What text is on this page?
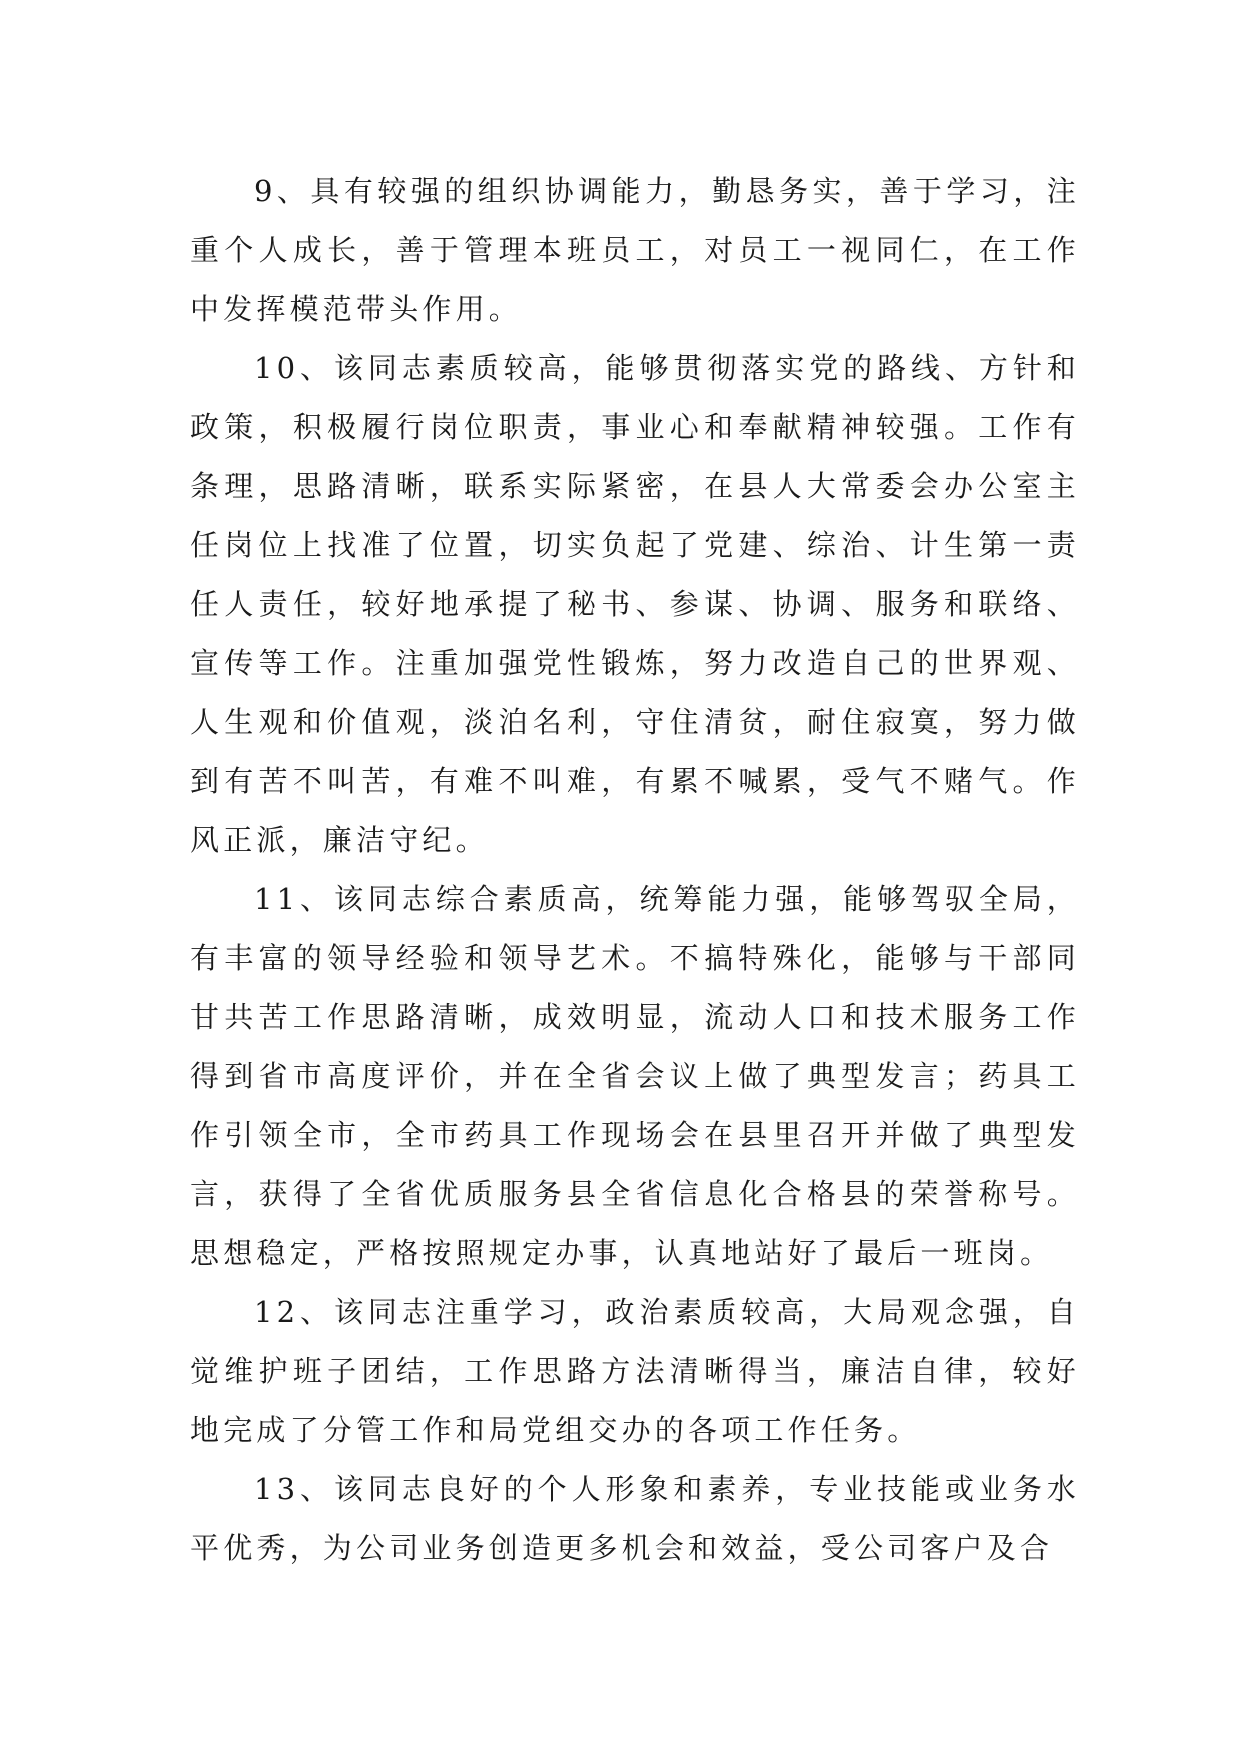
9、具有较强的组织协调能力，勤恳务实，善于学习，注重个人成长，善于管理本班员工，对员工一视同仁，在工作中发挥模范带头作用。

10、该同志素质较高，能够贯彻落实党的路线、方针和政策，积极履行岗位职责，事业心和奉献精神较强。工作有条理，思路清晰，联系实际紧密，在县人大常委会办公室主任岗位上找准了位置，切实负起了党建、综治、计生第一责任人责任，较好地承提了秘书、参谋、协调、服务和联络、宣传等工作。注重加强党性锻炼，努力改造自己的世界观、人生观和价值观，淡泊名利，守住清贫，耐住寂寞，努力做到有苦不叫苦，有难不叫难，有累不喊累，受气不赌气。作风正派，廉洁守纪。

11、该同志综合素质高，统筹能力强，能够驾驭全局，有丰富的领导经验和领导艺术。不搞特殊化，能够与干部同甘共苦工作思路清晰，成效明显，流动人口和技术服务工作得到省市高度评价，并在全省会议上做了典型发言；药具工作引领全市，全市药具工作现场会在县里召开并做了典型发言，获得了全省优质服务县全省信息化合格县的荣誉称号。思想稳定，严格按照规定办事，认真地站好了最后一班岗。

12、该同志注重学习，政治素质较高，大局观念强，自觉维护班子团结，工作思路方法清晰得当，廉洁自律，较好地完成了分管工作和局党组交办的各项工作任务。

13、该同志良好的个人形象和素养，专业技能或业务水平优秀，为公司业务创造更多机会和效益，受公司客户及合
